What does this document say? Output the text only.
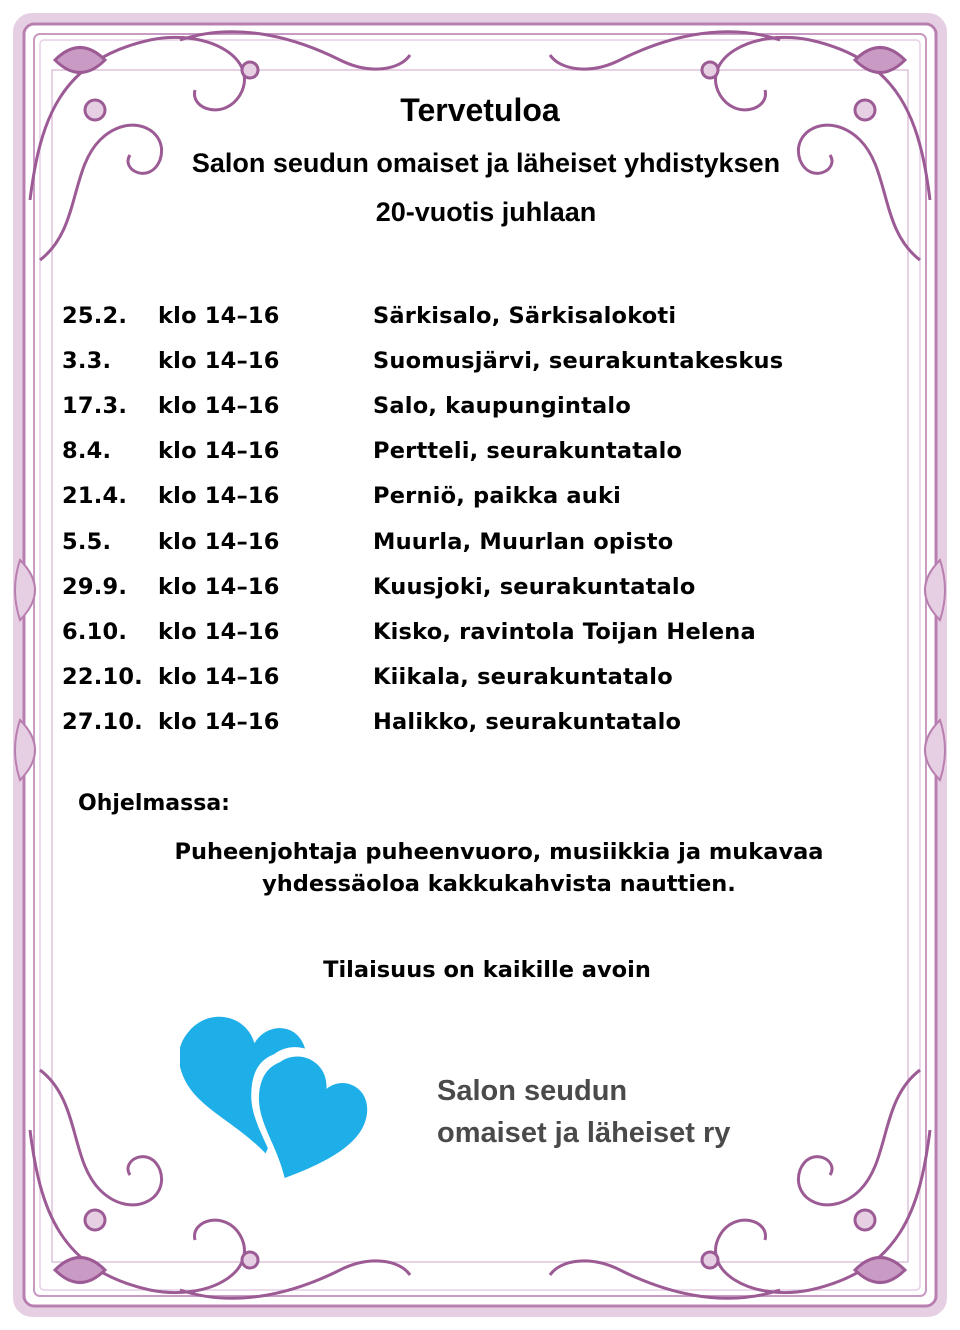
Tervetuloa
Salon seudun omaiset ja läheiset yhdistyksen
20-vuotis juhlaan
25.2.	klo 14–16	Särkisalo, Särkisalokoti
3.3.	klo 14–16	Suomusjärvi, seurakuntakeskus
17.3.	klo 14–16	Salo, kaupungintalo
8.4.	klo 14–16	Pertteli, seurakuntatalo
21.4.	klo 14–16	Perniö, paikka auki
5.5.	klo 14–16	Muurla, Muurlan opisto
29.9.	klo 14–16	Kuusjoki, seurakuntatalo
6.10.	klo 14–16	Kisko, ravintola Toijan Helena
22.10. klo 14–16	Kiikala, seurakuntatalo
27.10. klo 14–16	Halikko, seurakuntatalo
Ohjelmassa:
Puheenjohtaja puheenvuoro, musiikkia ja mukavaa
yhdessäoloa kakkukahvista nauttien.
Tilaisuus on kaikille avoin
Salon seudun
omaiset ja läheiset ry
